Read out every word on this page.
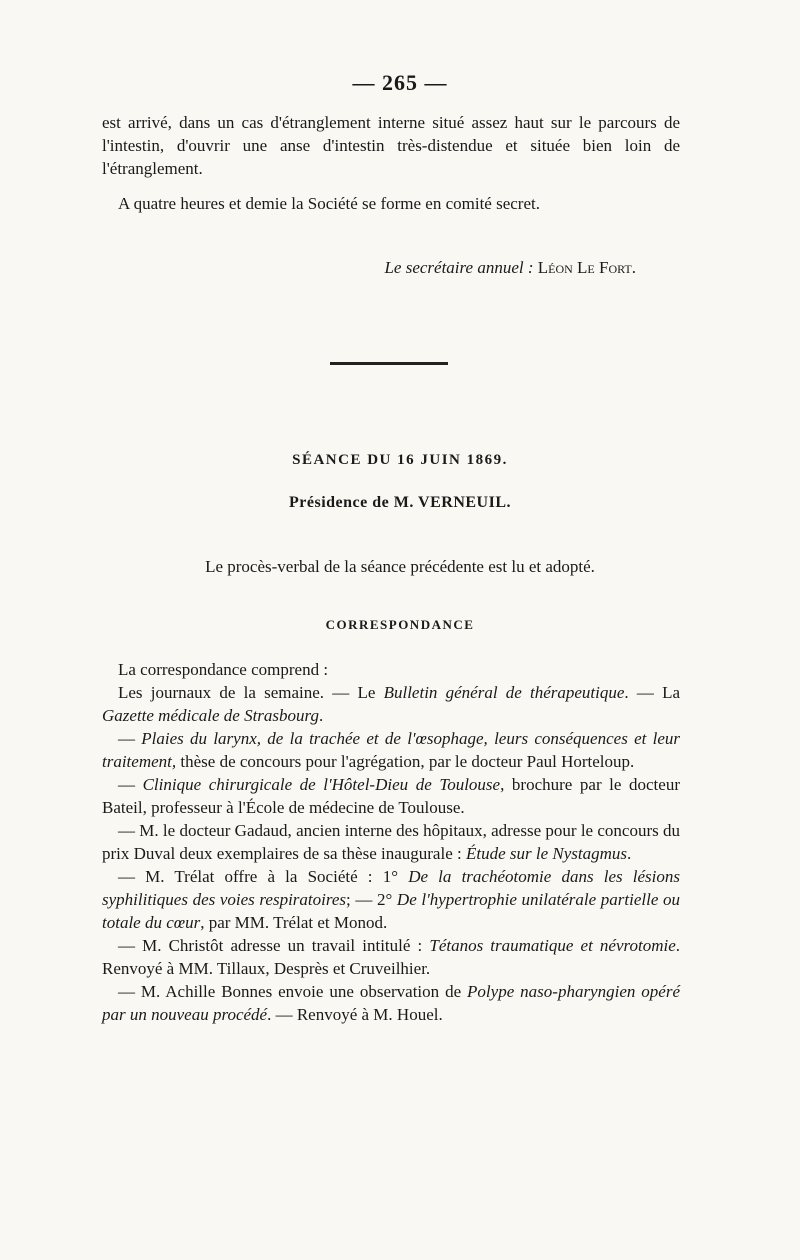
— 265 —

est arrivé, dans un cas d'étranglement interne situé assez haut sur le parcours de l'intestin, d'ouvrir une anse d'intestin très-distendue et située bien loin de l'étranglement.

A quatre heures et demie la Société se forme en comité secret.

Le secrétaire annuel : Léon Le Fort.
SÉANCE DU 16 JUIN 1869.
Présidence de M. VERNEUIL.
Le procès-verbal de la séance précédente est lu et adopté.
CORRESPONDANCE

La correspondance comprend :

Les journaux de la semaine. — Le Bulletin général de thérapeutique. — La Gazette médicale de Strasbourg.

— Plaies du larynx, de la trachée et de l'œsophage, leurs conséquences et leur traitement, thèse de concours pour l'agrégation, par le docteur Paul Horteloup.

— Clinique chirurgicale de l'Hôtel-Dieu de Toulouse, brochure par le docteur Bateil, professeur à l'École de médecine de Toulouse.

— M. le docteur Gadaud, ancien interne des hôpitaux, adresse pour le concours du prix Duval deux exemplaires de sa thèse inaugurale : Étude sur le Nystagmus.

— M. Trélat offre à la Société : 1° De la trachéotomie dans les lésions syphilitiques des voies respiratoires; — 2° De l'hypertrophie unilatérale partielle ou totale du cœur, par MM. Trélat et Monod.

— M. Christôt adresse un travail intitulé : Tétanos traumatique et névrotomie. Renvoyé à MM. Tillaux, Desprès et Cruveilhier.

— M. Achille Bonnes envoie une observation de Polype naso-pharyngien opéré par un nouveau procédé. — Renvoyé à M. Houel.
